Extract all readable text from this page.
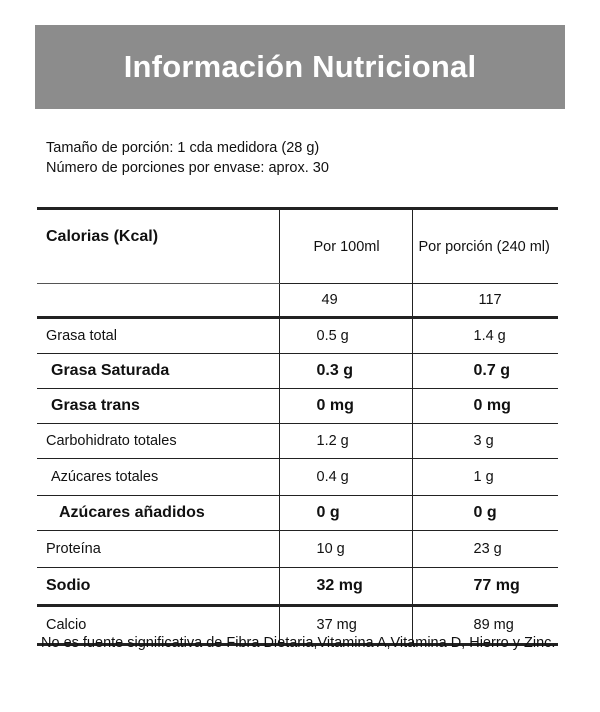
Información Nutricional
Tamaño de porción: 1 cda medidora (28 g)
Número de porciones por envase: aprox. 30
Calorias (Kcal)	Por 100ml	Por porción (240 ml)
	49	117
Grasa total	0.5 g	1.4 g
Grasa Saturada	0.3 g	0.7 g
Grasa trans	0 mg	0 mg
Carbohidrato totales	1.2 g	3 g
Azúcares totales	0.4 g	1 g
Azúcares añadidos	0 g	0 g
Proteína	10 g	23 g
Sodio	32 mg	77 mg
Calcio	37 mg	89 mg
No es fuente significativa de Fibra Dietaria,Vitamina A,Vitamina D, Hierro y Zinc.
